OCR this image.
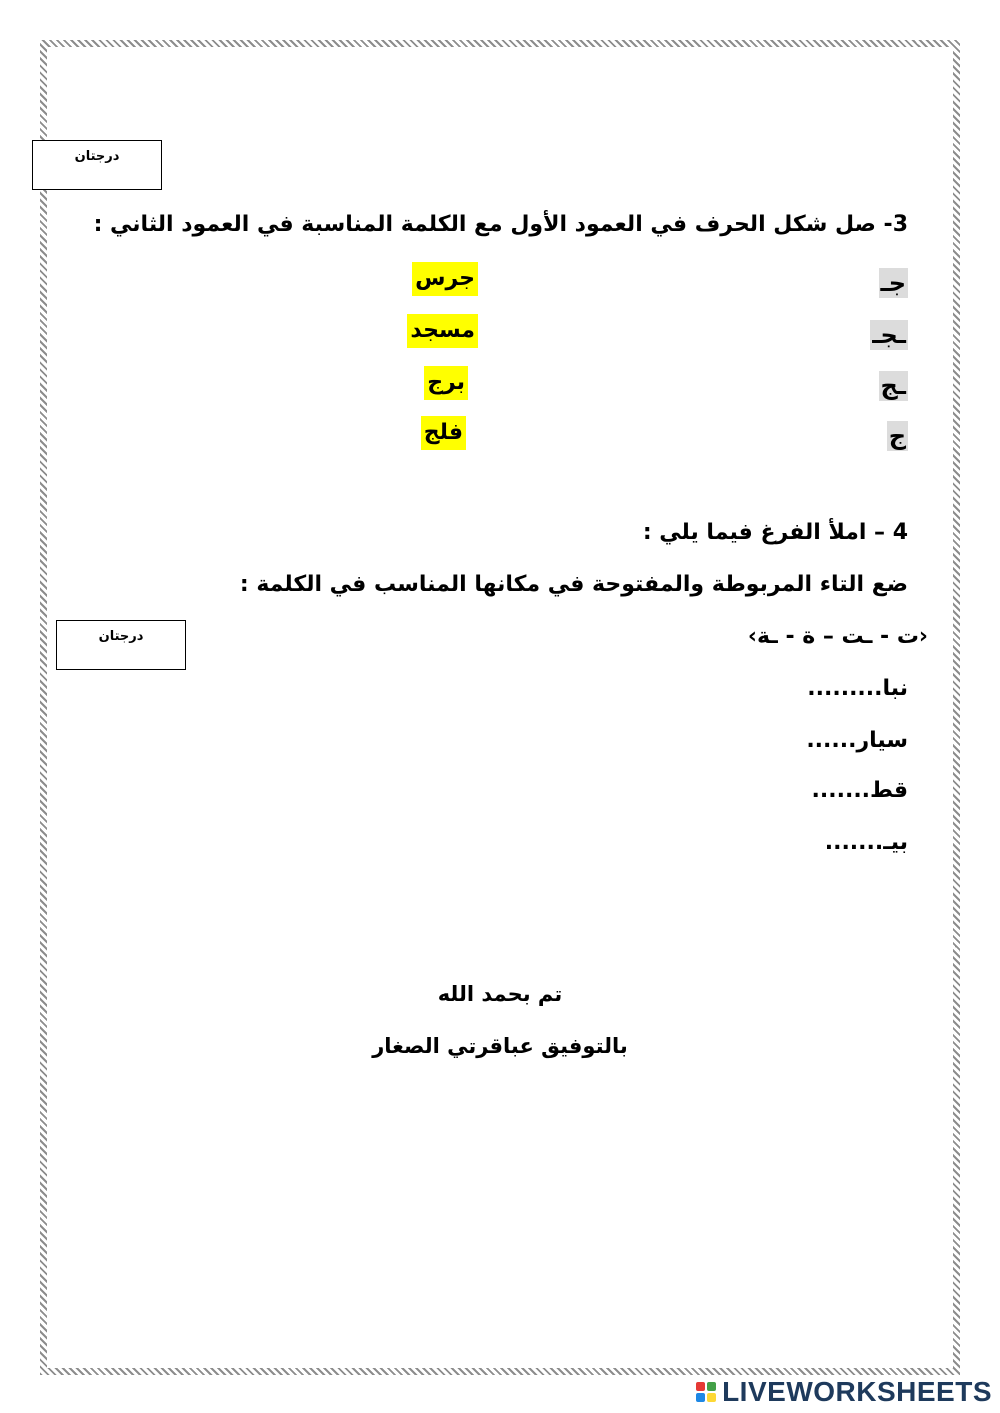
درجتان
3- صل شكل الحرف في العمود الأول مع الكلمة المناسبة في العمود الثاني :
جـ
ـجـ
ـج
ج
جرس
مسجد
برج
فلج
4 – املأ الفرغ فيما يلي :
ضع التاء المربوطة والمفتوحة في مكانها المناسب في الكلمة :
درجتان	‹ت - ـت – ة - ـة›
نبا.........
سيار......
قط.......
بيـ.......
تم بحمد الله
بالتوفيق عباقرتي الصغار
LIVEWORKSHEETS
